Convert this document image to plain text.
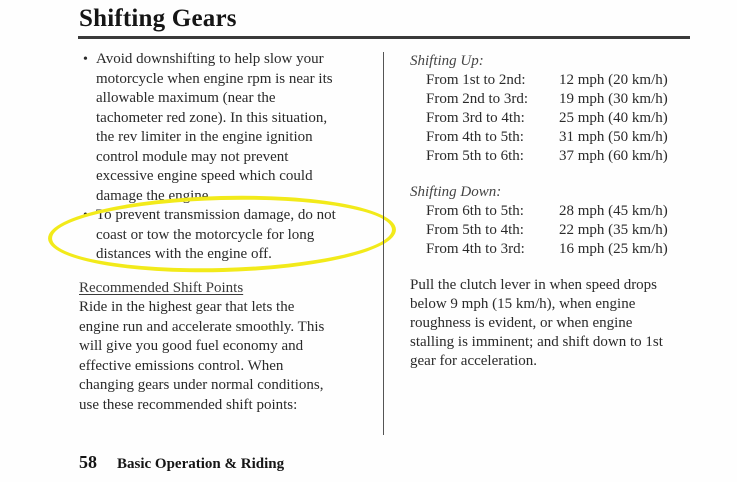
Shifting Gears
• Avoid downshifting to help slow your
motorcycle when engine rpm is near its
allowable maximum (near the
tachometer red zone). In this situation,
the rev limiter in the engine ignition
control module may not prevent
excessive engine speed which could
damage the engine.
• To prevent transmission damage, do not
coast or tow the motorcycle for long
distances with the engine off.
Recommended Shift Points
Ride in the highest gear that lets the
engine run and accelerate smoothly. This
will give you good fuel economy and
effective emissions control. When
changing gears under normal conditions,
use these recommended shift points:
Shifting Up:
From 1st to 2nd:	12 mph (20 km/h)
From 2nd to 3rd:	19 mph (30 km/h)
From 3rd to 4th:	25 mph (40 km/h)
From 4th to 5th:	31 mph (50 km/h)
From 5th to 6th:	37 mph (60 km/h)
Shifting Down:
From 6th to 5th:	28 mph (45 km/h)
From 5th to 4th:	22 mph (35 km/h)
From 4th to 3rd:	16 mph (25 km/h)
Pull the clutch lever in when speed drops
below 9 mph (15 km/h), when engine
roughness is evident, or when engine
stalling is imminent; and shift down to 1st
gear for acceleration.
58 Basic Operation & Riding
